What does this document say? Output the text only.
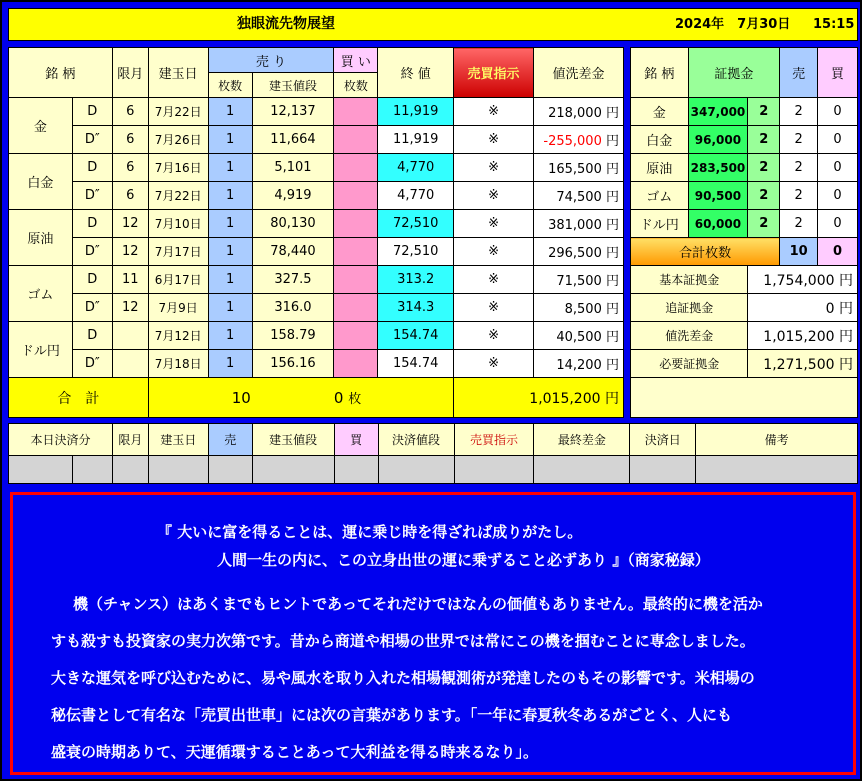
独眼流先物展望	2024年　7月30日 15:15
銘 柄		限月	建玉日	売 り		買 い	終 値	売買指示	値洗差金
				枚数	建玉値段	枚数			
金	D	6	7月22日	1	12,137		11,919	※	218,000 円
	D″	6	7月26日	1	11,664		11,919	※	-255,000 円
白金	D	6	7月16日	1	5,101		4,770	※	165,500 円
	D″	6	7月22日	1	4,919		4,770	※	74,500 円
原油	D	12	7月10日	1	80,130		72,510	※	381,000 円
	D″	12	7月17日	1	78,440		72,510	※	296,500 円
ゴム	D	11	6月17日	1	327.5		313.2	※	71,500 円
	D″	12	7月9日	1	316.0		314.3	※	8,500 円
ドル円	D		7月12日	1	158.79		154.74	※	40,500 円
	D″		7月18日	1	156.16		154.74	※	14,200 円
合　計			10			0 枚		1,015,200 円	
銘 柄	証拠金		売	買
金	347,000	2	2	0
白金	96,000	2	2	0
原油	283,500	2	2	0
ゴム	90,500	2	2	0
ドル円	60,000	2	2	0
合計枚数			10	0
基本証拠金		1,754,000 円		
追証拠金		0 円		
値洗差金		1,015,200 円		
必要証拠金		1,271,500 円		

本日決済分		限月	建玉日	売	建玉値段	買	決済値段	売買指示	最終差金	決済日	備考

『 大いに富を得ることは、運に乗じ時を得ざれば成りがたし。
人間一生の内に、この立身出世の運に乗ずること必ずあり 』（商家秘録）
機（チャンス）はあくまでもヒントであってそれだけではなんの価値もありません。最終的に機を活か
すも殺すも投資家の実力次第です。昔から商道や相場の世界では常にこの機を掴むことに専念しました。
大きな運気を呼び込むために、易や風水を取り入れた相場観測術が発達したのもその影響です。米相場の
秘伝書として有名な「売買出世車」には次の言葉があります。「一年に春夏秋冬あるがごとく、人にも
盛衰の時期ありて、天運循環することあって大利益を得る時来るなり」。
